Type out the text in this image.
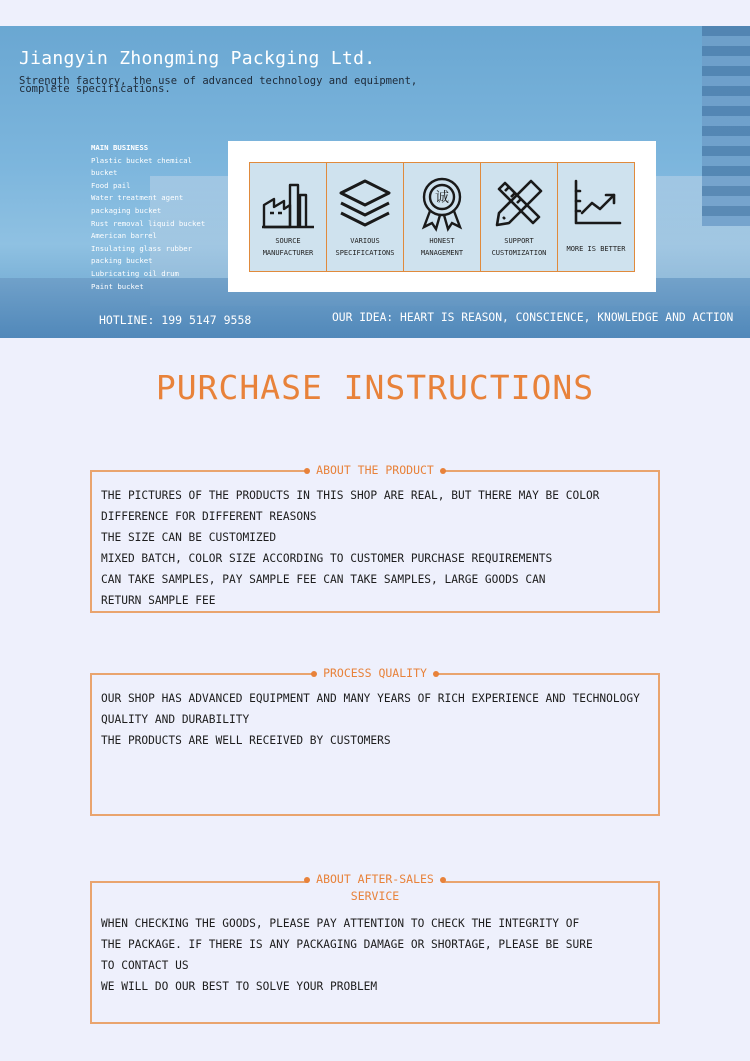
Jiangyin Zhongming Packging Ltd.
Strength factory, the use of advanced technology and equipment, complete specifications.
MAIN BUSINESS
Plastic bucket chemical
bucket
Food pail
Water treatment agent
packaging bucket
Rust removal liquid bucket
American barrel
Insulating glass rubber
packing bucket
Lubricating oil drum
Paint bucket
SOURCE
MANUFACTURER
VARIOUS
SPECIFICATIONS
诚
HONEST
MANAGEMENT
SUPPORT
CUSTOMIZATION	MORE IS BETTER
HOTLINE: 199 5147 9558	OUR IDEA: HEART IS REASON, CONSCIENCE, KNOWLEDGE AND ACTION
PURCHASE INSTRUCTIONS
ABOUT THE PRODUCT
THE PICTURES OF THE PRODUCTS IN THIS SHOP ARE REAL, BUT THERE MAY BE COLOR
DIFFERENCE FOR DIFFERENT REASONS
THE SIZE CAN BE CUSTOMIZED
MIXED BATCH, COLOR SIZE ACCORDING TO CUSTOMER PURCHASE REQUIREMENTS
CAN TAKE SAMPLES, PAY SAMPLE FEE CAN TAKE SAMPLES, LARGE GOODS CAN
RETURN SAMPLE FEE
PROCESS QUALITY
OUR SHOP HAS ADVANCED EQUIPMENT AND MANY YEARS OF RICH EXPERIENCE AND TECHNOLOGY
QUALITY AND DURABILITY
THE PRODUCTS ARE WELL RECEIVED BY CUSTOMERS
ABOUT AFTER-SALES
SERVICE
WHEN CHECKING THE GOODS, PLEASE PAY ATTENTION TO CHECK THE INTEGRITY OF
THE PACKAGE. IF THERE IS ANY PACKAGING DAMAGE OR SHORTAGE, PLEASE BE SURE
TO CONTACT US
WE WILL DO OUR BEST TO SOLVE YOUR PROBLEM
